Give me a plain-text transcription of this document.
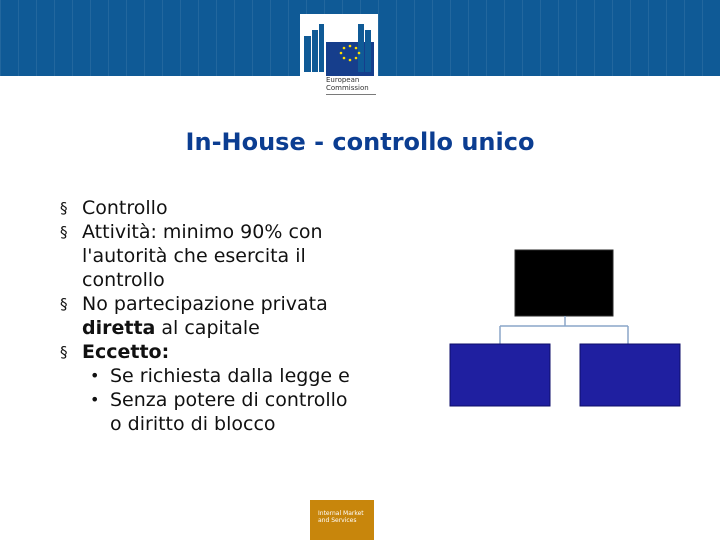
European
Commission
In-House - controllo unico
§ Controllo
§ Attività: minimo 90% con
l'autorità che esercita il
controllo
§ No partecipazione privata
diretta al capitale
§ Eccetto:
• Se richiesta dalla legge e
• Senza potere di controllo
o diritto di blocco
Internal Market
and Services
